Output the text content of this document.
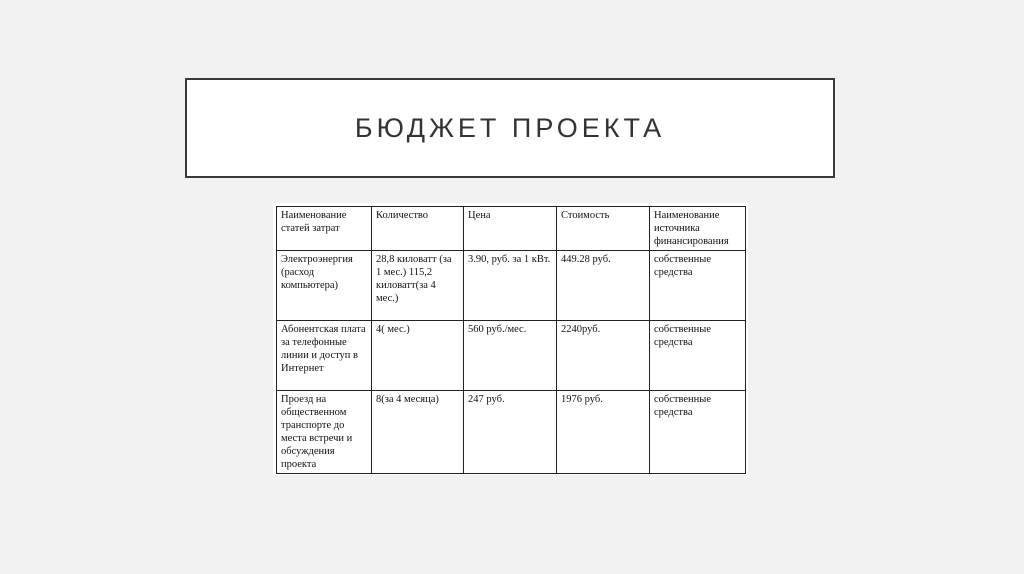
БЮДЖЕТ ПРОЕКТА
Наименование статей затрат	Количество	Цена	Стоимость	Наименование источника финансирования
Электроэнергия (расход компьютера)	28,8 киловатт (за 1 мес.) 115,2 киловатт(за 4 мес.)	3.90, руб. за 1 кВт.	449.28 руб.	собственные средства
Абонентская плата за телефонные линии и доступ в Интернет	4( мес.)	560 руб./мес.	2240руб.	собственные средства
Проезд на общественном транспорте до места встречи и обсуждения проекта	8(за 4 месяца)	247 руб.	1976 руб.	собственные средства
